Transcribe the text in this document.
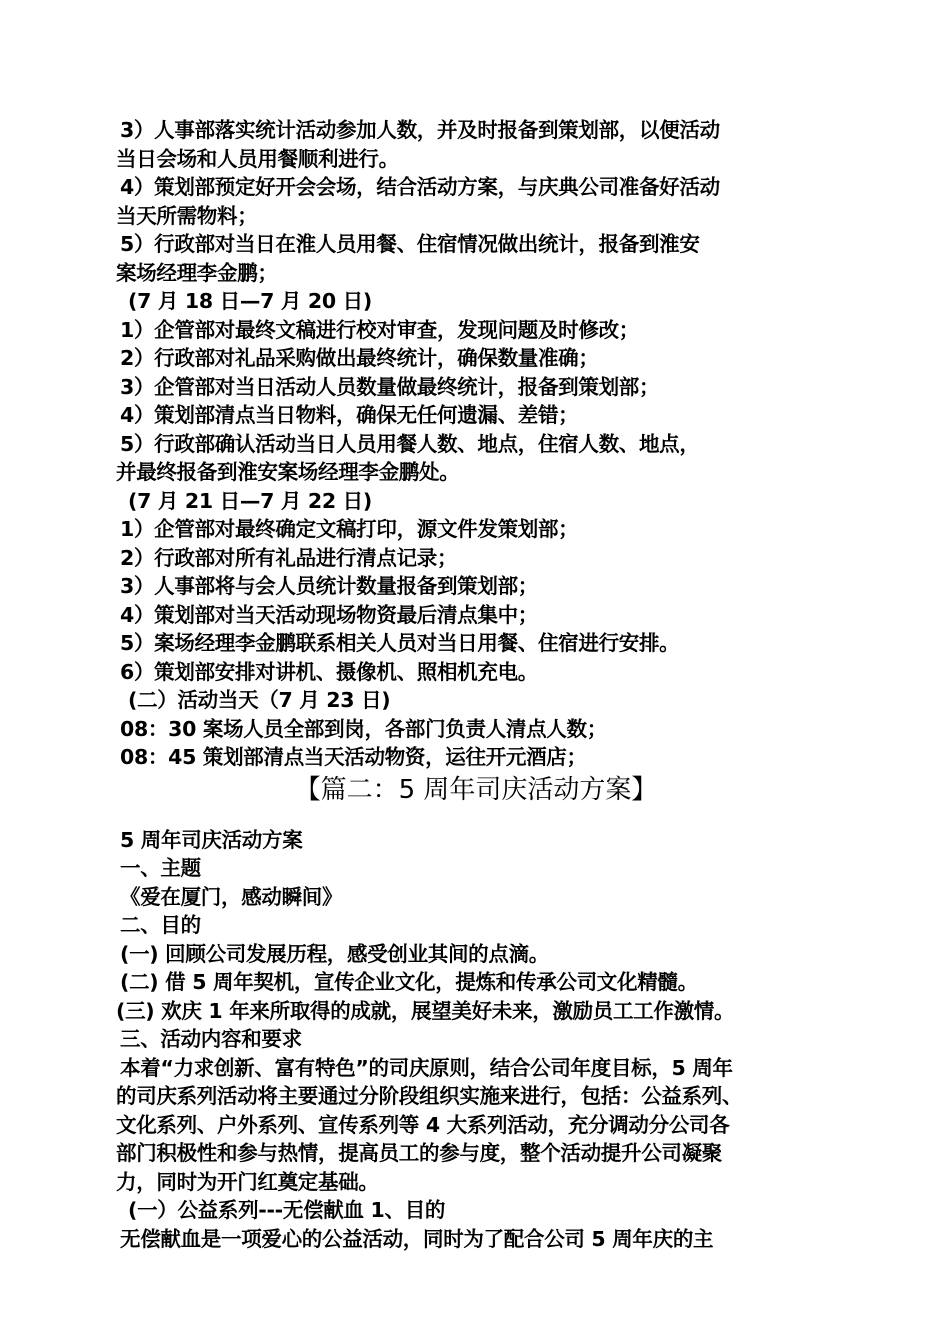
3）人事部落实统计活动参加人数，并及时报备到策划部，以便活动
当日会场和人员用餐顺利进行。
4）策划部预定好开会会场，结合活动方案，与庆典公司准备好活动
当天所需物料；
5）行政部对当日在淮人员用餐、住宿情况做出统计，报备到淮安
案场经理李金鹏；
(7 月 18 日—7 月 20 日)
1）企管部对最终文稿进行校对审查，发现问题及时修改；
2）行政部对礼品采购做出最终统计，确保数量准确；
3）企管部对当日活动人员数量做最终统计，报备到策划部；
4）策划部清点当日物料，确保无任何遗漏、差错；
5）行政部确认活动当日人员用餐人数、地点，住宿人数、地点，
并最终报备到淮安案场经理李金鹏处。
(7 月 21 日—7 月 22 日)
1）企管部对最终确定文稿打印，源文件发策划部；
2）行政部对所有礼品进行清点记录；
3）人事部将与会人员统计数量报备到策划部；
4）策划部对当天活动现场物资最后清点集中；
5）案场经理李金鹏联系相关人员对当日用餐、住宿进行安排。
6）策划部安排对讲机、摄像机、照相机充电。
(二）活动当天（7 月 23 日)
08：30 案场人员全部到岗，各部门负责人清点人数；
08：45 策划部清点当天活动物资，运往开元酒店；
【篇二：5 周年司庆活动方案】
5 周年司庆活动方案
一、主题
《爱在厦门，感动瞬间》
二、目的
(一) 回顾公司发展历程，感受创业其间的点滴。
(二) 借 5 周年契机，宣传企业文化，提炼和传承公司文化精髓。
(三) 欢庆 1 年来所取得的成就，展望美好未来，激励员工工作激情。
三、活动内容和要求
本着“力求创新、富有特色”的司庆原则，结合公司年度目标，5 周年
的司庆系列活动将主要通过分阶段组织实施来进行，包括：公益系列、
文化系列、户外系列、宣传系列等 4 大系列活动，充分调动分公司各
部门积极性和参与热情，提高员工的参与度，整个活动提升公司凝聚
力，同时为开门红奠定基础。
(一）公益系列---无偿献血 1、目的
无偿献血是一项爱心的公益活动，同时为了配合公司 5 周年庆的主
